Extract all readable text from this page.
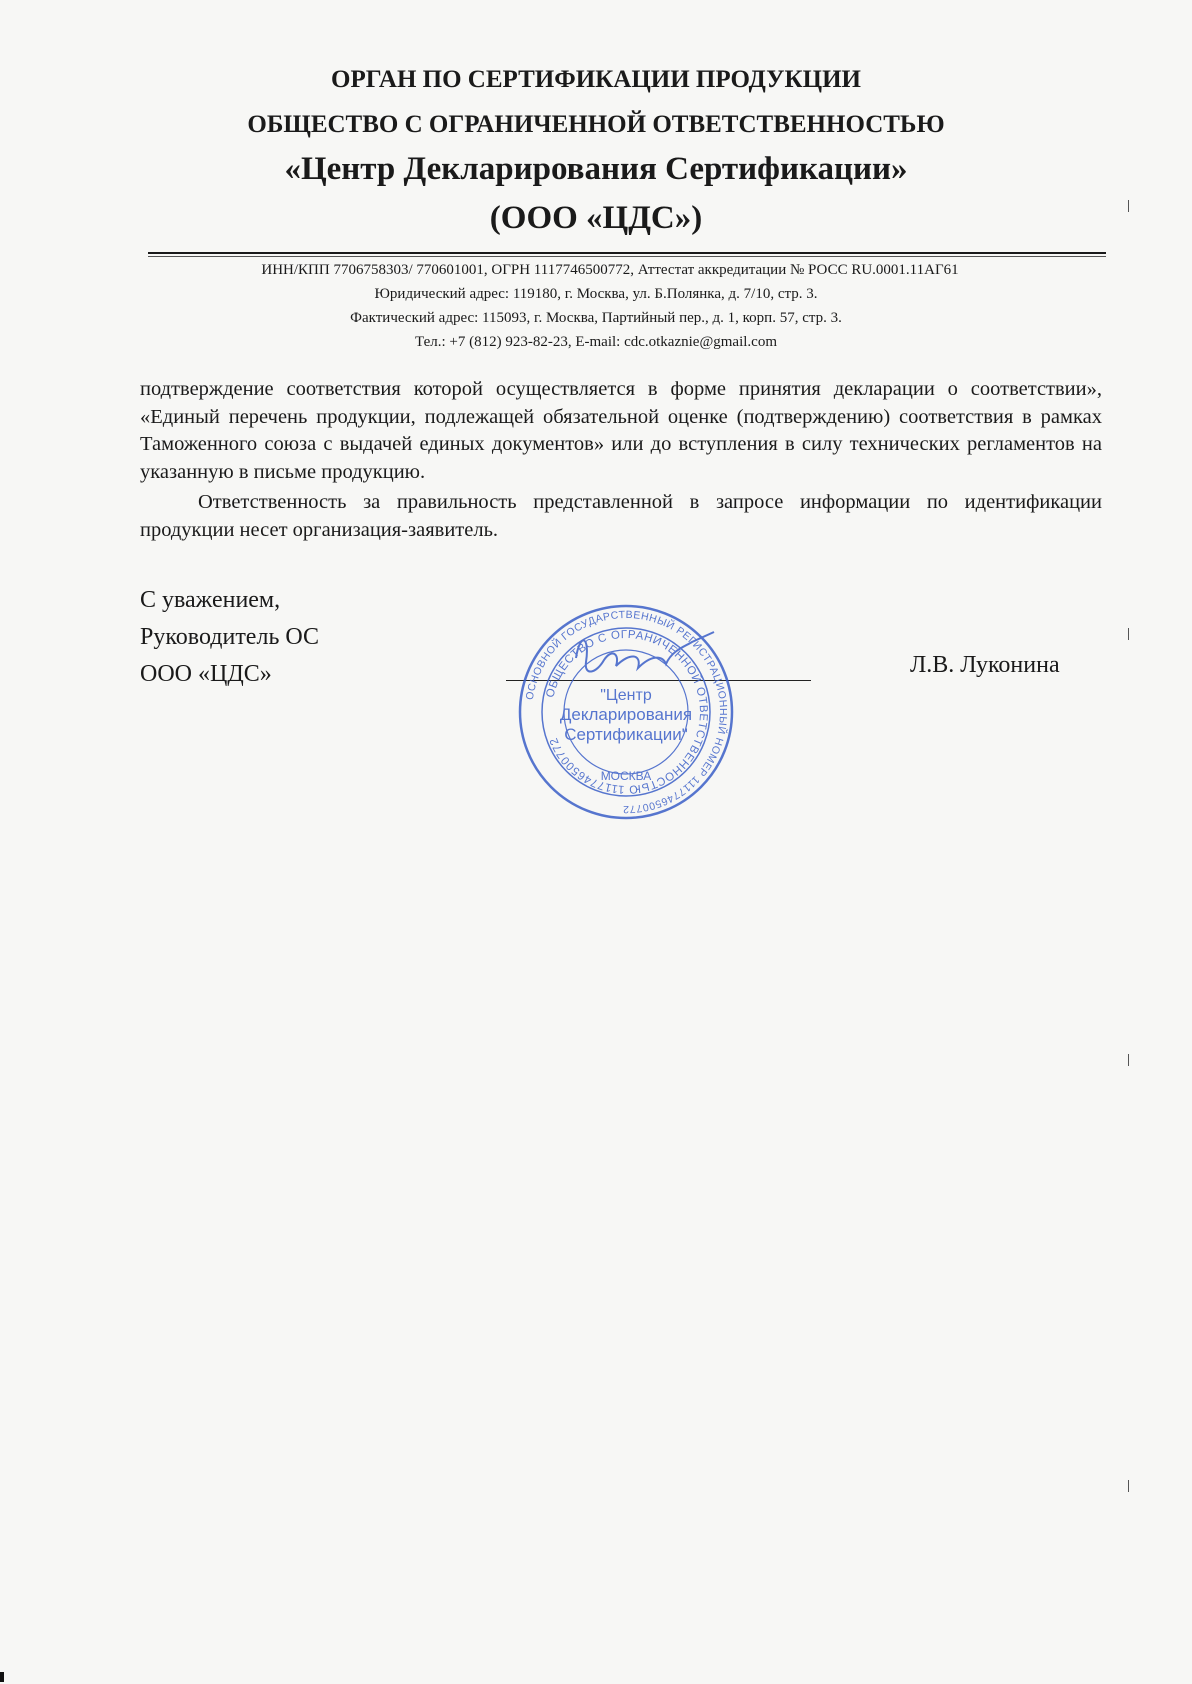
ОРГАН ПО СЕРТИФИКАЦИИ ПРОДУКЦИИ
ОБЩЕСТВО С ОГРАНИЧЕННОЙ ОТВЕТСТВЕННОСТЬЮ
«Центр Декларирования Сертификации»
(ООО «ЦДС»)
ИНН/КПП 7706758303/ 770601001, ОГРН 1117746500772, Аттестат аккредитации № РОСС RU.0001.11АГ61
Юридический адрес: 119180, г. Москва, ул. Б.Полянка, д. 7/10, стр. 3.
Фактический адрес: 115093, г. Москва, Партийный пер., д. 1, корп. 57, стр. 3.
Тел.: +7 (812) 923-82-23, E-mail: cdc.otkaznie@gmail.com

подтверждение соответствия которой осуществляется в форме принятия декларации о соответствии», «Единый перечень продукции, подлежащей обязательной оценке (подтверждению) соответствия в рамках Таможенного союза с выдачей единых документов» или до вступления в силу технических регламентов на указанную в письме продукцию.

Ответственность за правильность представленной в запросе информации по идентификации продукции несет организация-заявитель.

С уважением,
Руководитель ОС
ООО «ЦДС»	Л.В. Луконина
ОСНОВНОЙ ГОСУДАРСТВЕННЫЙ РЕГИСТРАЦИОННЫЙ НОМЕР 1117746500772
ОБЩЕСТВО С ОГРАНИЧЕННОЙ ОТВЕТСТВЕННОСТЬЮ 1117746500772
МОСКВА
"Центр
Декларирования
Сертификации"
